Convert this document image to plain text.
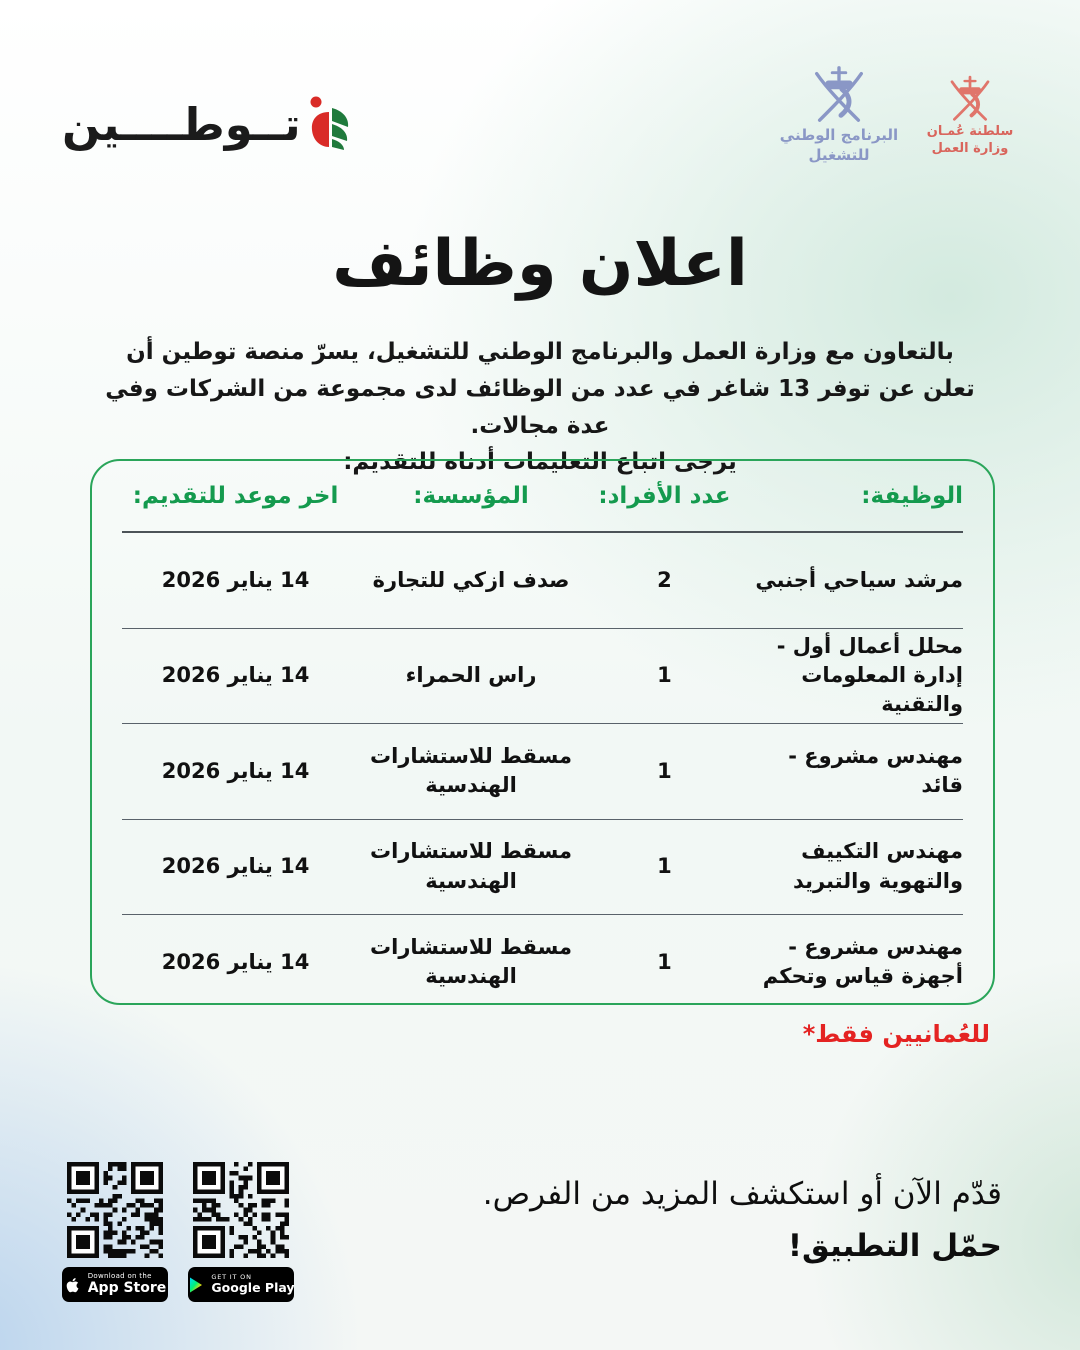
تــوطــــين	البرنامج الوطني
للتشغيل
سلطنة عُمـان
وزارة العمل
اعلان وظائف

بالتعاون مع وزارة العمل والبرنامج الوطني للتشغيل، يسرّ منصة توطين أن تعلن عن توفر 13 شاغر في عدد من الوظائف لدى مجموعة من الشركات وفي عدة مجالات.

يرجى اتباع التعليمات أدناه للتقديم:

الوظيفة:
عدد الأفراد:
المؤسسة:
اخر موعد للتقديم:
مرشد سياحي أجنبي
2
صدف ازكي للتجارة
14 يناير 2026
محلل أعمال أول - إدارة المعلومات والتقنية
1
راس الحمراء
14 يناير 2026
مهندس مشروع - قائد
1
مسقط للاستشارات الهندسية
14 يناير 2026
مهندس التكييف والتهوية والتبريد
1
مسقط للاستشارات الهندسية
14 يناير 2026
مهندس مشروع - أجهزة قياس وتحكم
1
مسقط للاستشارات الهندسية
14 يناير 2026
للعُمانيين فقط*

قدّم الآن أو استكشف المزيد من الفرص.

حمّل التطبيق!

Download on the
App Store
GET IT ON
Google Play
